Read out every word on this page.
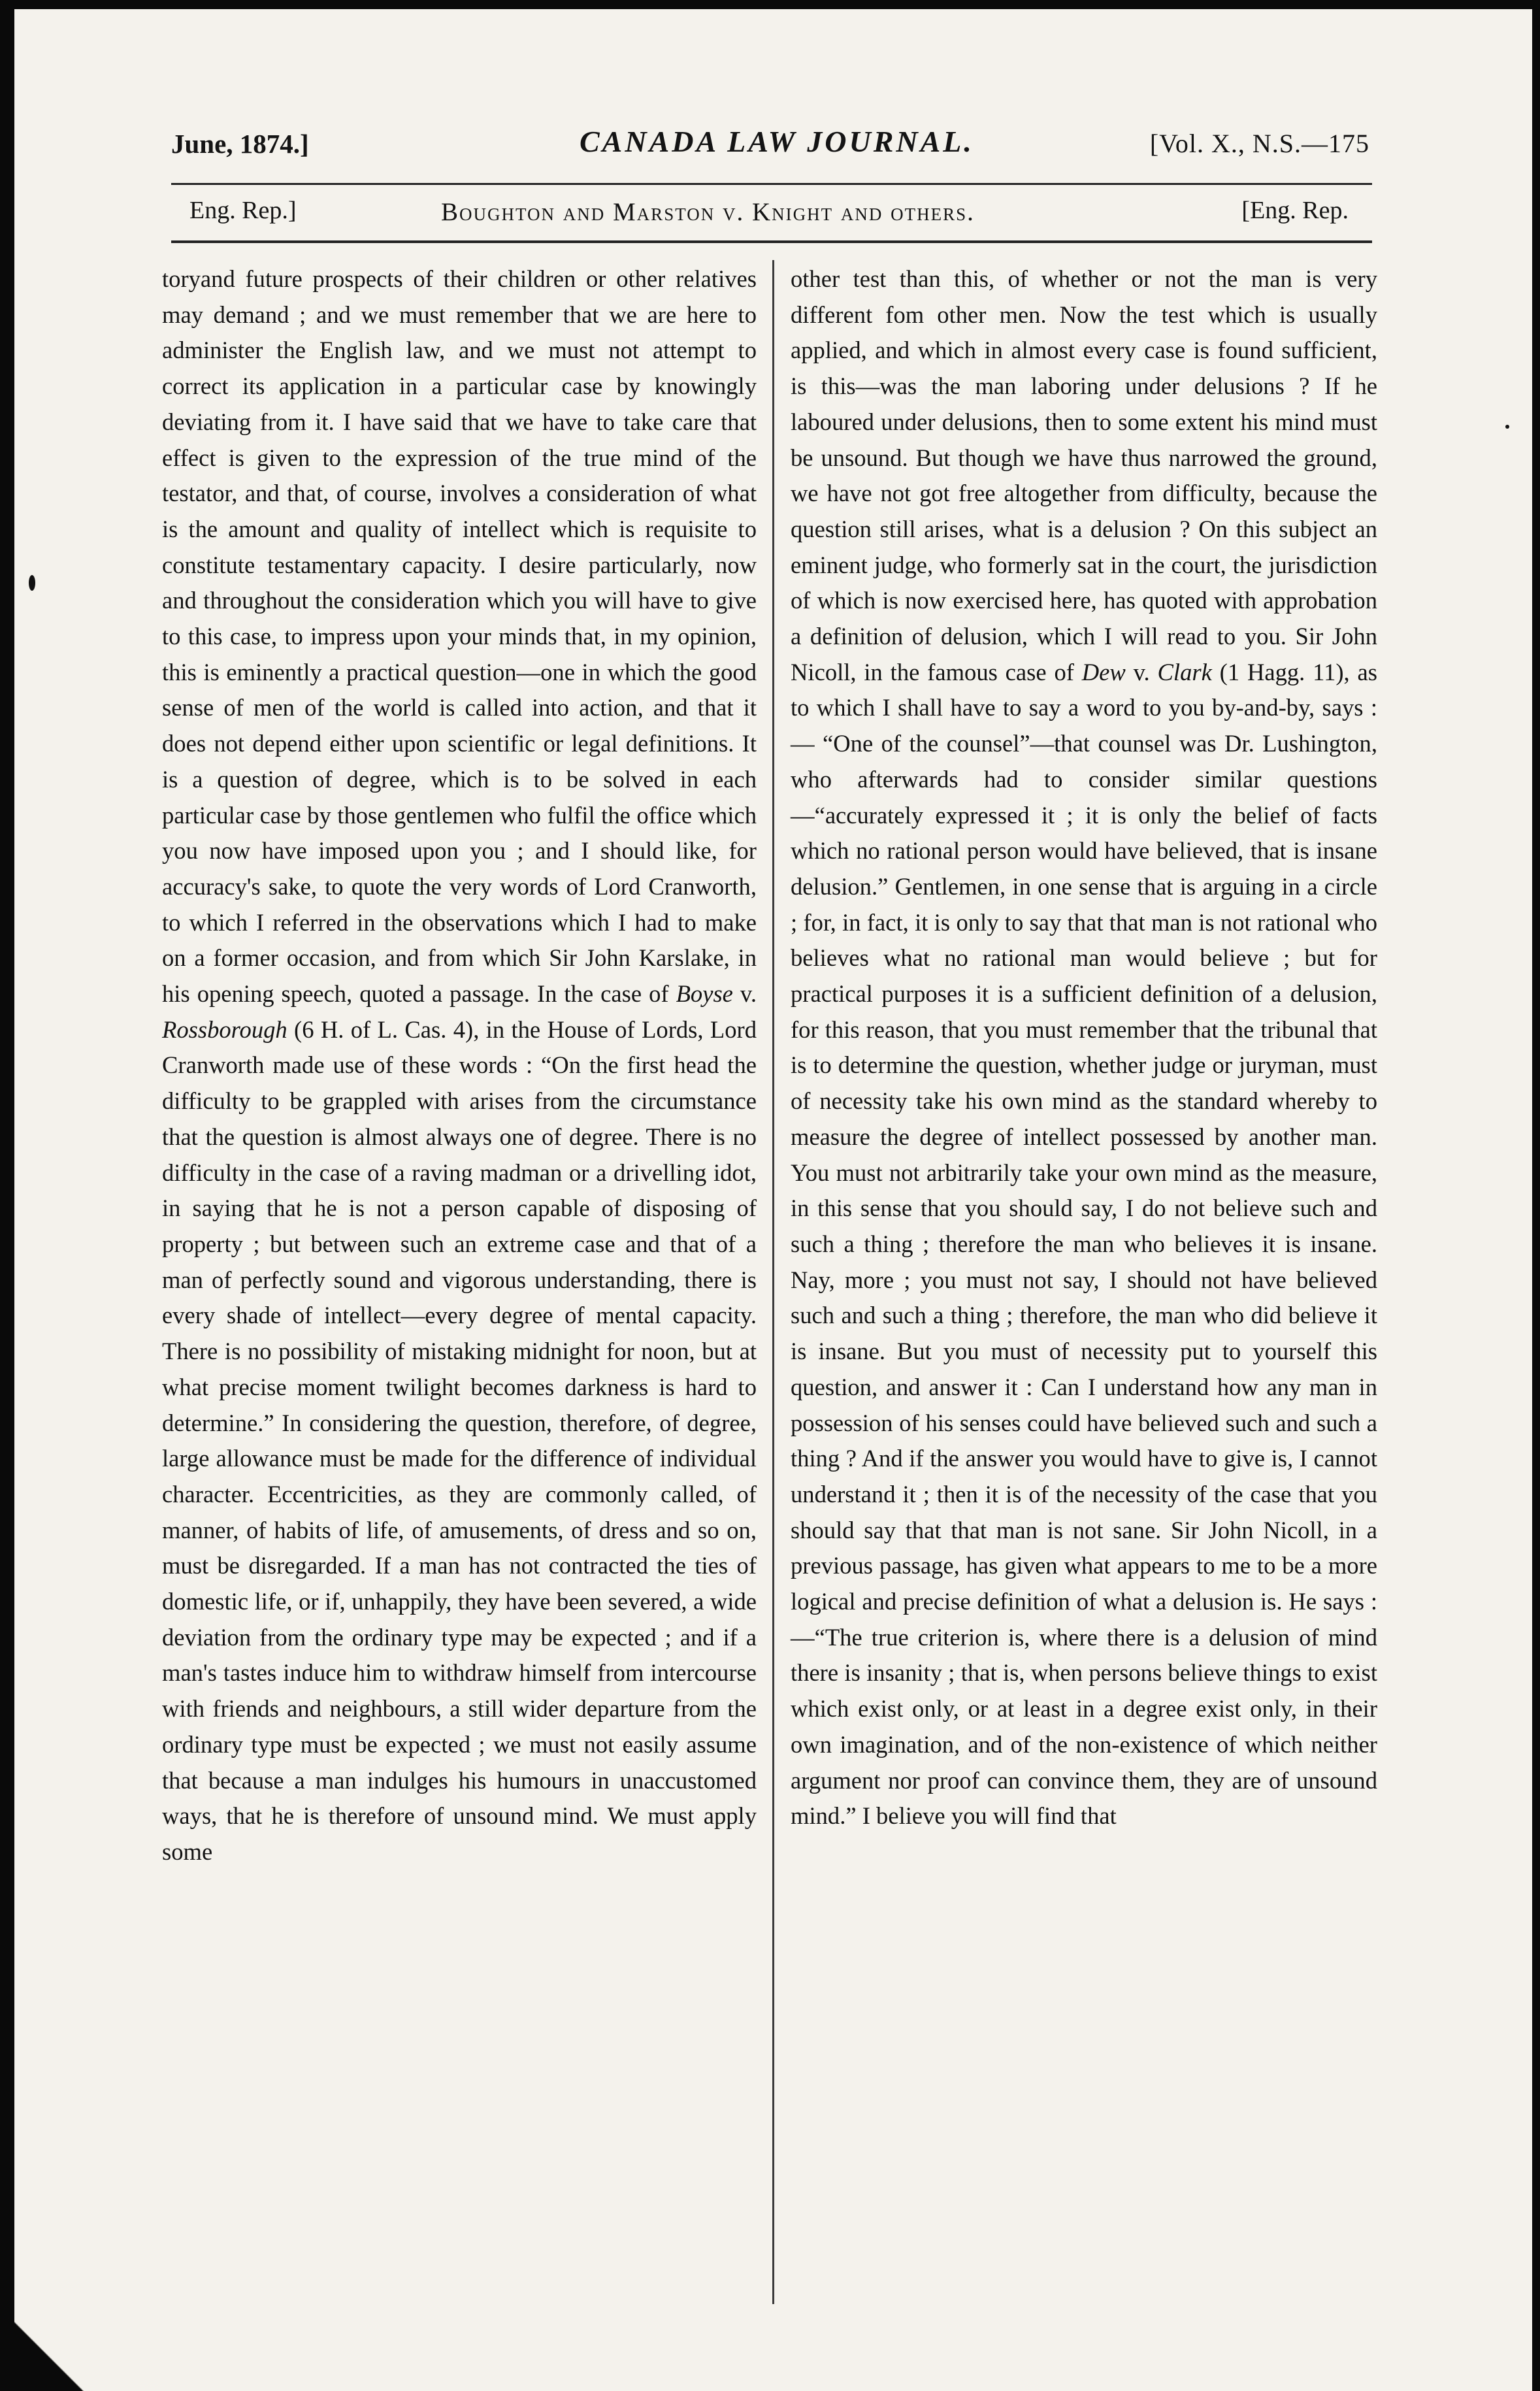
June, 1874.]	CANADA LAW JOURNAL.	[Vol. X., N.S.—175
Eng. Rep.]	Boughton and Marston v. Knight and others.	[Eng. Rep.

toryand future prospects of their children or other relatives may demand ; and we must remember that we are here to administer the English law, and we must not attempt to correct its application in a particular case by knowingly deviating from it. I have said that we have to take care that effect is given to the expression of the true mind of the testator, and that, of course, involves a consideration of what is the amount and quality of intellect which is requisite to constitute testamentary capacity. I desire particularly, now and throughout the consideration which you will have to give to this case, to impress upon your minds that, in my opinion, this is eminently a practical question—one in which the good sense of men of the world is called into action, and that it does not depend either upon scientific or legal definitions. It is a question of degree, which is to be solved in each particular case by those gentlemen who fulfil the office which you now have imposed upon you ; and I should like, for accuracy's sake, to quote the very words of Lord Cranworth, to which I referred in the observations which I had to make on a former occasion, and from which Sir John Karslake, in his opening speech, quoted a passage. In the case of Boyse v. Rossborough (6 H. of L. Cas. 4), in the House of Lords, Lord Cranworth made use of these words : “On the first head the difficulty to be grappled with arises from the circumstance that the question is almost always one of degree. There is no difficulty in the case of a raving madman or a drivelling idot, in saying that he is not a person capable of disposing of property ; but between such an extreme case and that of a man of perfectly sound and vigorous understanding, there is every shade of intellect—every degree of mental capacity. There is no possibility of mistaking midnight for noon, but at what precise moment twilight becomes darkness is hard to determine.” In considering the question, therefore, of degree, large allowance must be made for the difference of individual character. Eccentricities, as they are commonly called, of manner, of habits of life, of amusements, of dress and so on, must be disregarded. If a man has not contracted the ties of domestic life, or if, unhappily, they have been severed, a wide deviation from the ordinary type may be expected ; and if a man's tastes induce him to withdraw himself from intercourse with friends and neighbours, a still wider departure from the ordinary type must be expected ; we must not easily assume that because a man indulges his humours in unaccustomed ways, that he is therefore of unsound mind. We must apply some

other test than this, of whether or not the man is very different fom other men. Now the test which is usually applied, and which in almost every case is found sufficient, is this—was the man laboring under delusions ? If he laboured under delusions, then to some extent his mind must be unsound. But though we have thus narrowed the ground, we have not got free altogether from difficulty, because the question still arises, what is a delusion ? On this subject an eminent judge, who formerly sat in the court, the jurisdiction of which is now exercised here, has quoted with approbation a definition of delusion, which I will read to you. Sir John Nicoll, in the famous case of Dew v. Clark (1 Hagg. 11), as to which I shall have to say a word to you by-and-by, says :— “One of the counsel”—that counsel was Dr. Lushington, who afterwards had to consider similar questions—“accurately expressed it ; it is only the belief of facts which no rational person would have believed, that is insane delusion.” Gentlemen, in one sense that is arguing in a circle ; for, in fact, it is only to say that that man is not rational who believes what no rational man would believe ; but for practical purposes it is a sufficient definition of a delusion, for this reason, that you must remember that the tribunal that is to determine the question, whether judge or juryman, must of necessity take his own mind as the standard whereby to measure the degree of intellect possessed by another man. You must not arbitrarily take your own mind as the measure, in this sense that you should say, I do not believe such and such a thing ; therefore the man who believes it is insane. Nay, more ; you must not say, I should not have believed such and such a thing ; therefore, the man who did believe it is insane. But you must of necessity put to yourself this question, and answer it : Can I understand how any man in possession of his senses could have believed such and such a thing ? And if the answer you would have to give is, I cannot understand it ; then it is of the necessity of the case that you should say that that man is not sane. Sir John Nicoll, in a previous passage, has given what appears to me to be a more logical and precise definition of what a delusion is. He says :—“The true criterion is, where there is a delusion of mind there is insanity ; that is, when persons believe things to exist which exist only, or at least in a degree exist only, in their own imagination, and of the non-existence of which neither argument nor proof can convince them, they are of unsound mind.” I believe you will find that
